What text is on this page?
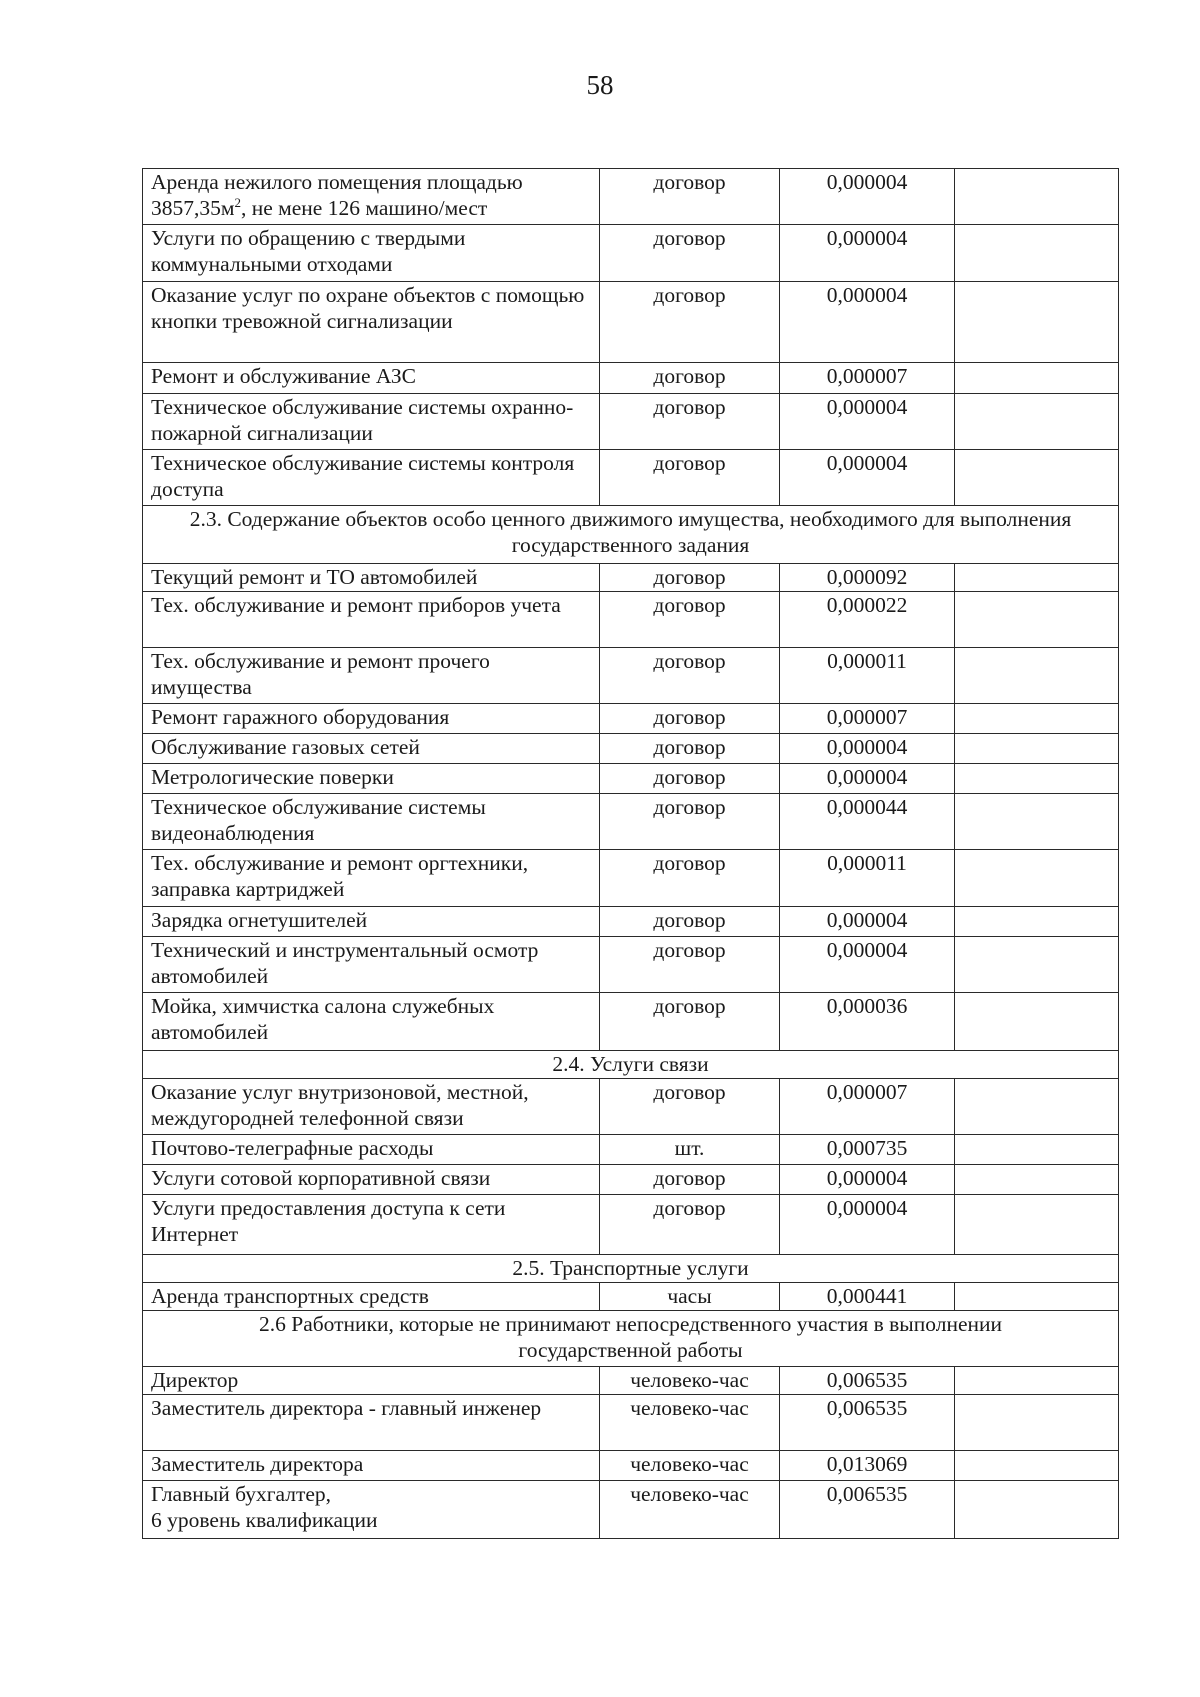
58
Аренда нежилого помещения площадью $3857,35м^2$, не мене 126 машино/мест	договор	0,000004	
Услуги по обращению с твердыми коммунальными отходами	договор	0,000004	
Оказание услуг по охране объектов с помощью кнопки тревожной сигнализации	договор	0,000004	
Ремонт и обслуживание АЗС	договор	0,000007	
Техническое обслуживание системы охранно-пожарной сигнализации	договор	0,000004	
Техническое обслуживание системы контроля доступа	договор	0,000004	
2.3. Содержание объектов особо ценного движимого имущества, необходимого для выполнения государственного задания			
Текущий ремонт и ТО автомобилей	договор	0,000092	
Тех. обслуживание и ремонт приборов учета	договор	0,000022	
Тех. обслуживание и ремонт прочего имущества	договор	0,000011	
Ремонт гаражного оборудования	договор	0,000007	
Обслуживание газовых сетей	договор	0,000004	
Метрологические поверки	договор	0,000004	
Техническое обслуживание системы видеонаблюдения	договор	0,000044	
Тех. обслуживание и ремонт оргтехники, заправка картриджей	договор	0,000011	
Зарядка огнетушителей	договор	0,000004	
Технический и инструментальный осмотр автомобилей	договор	0,000004	
Мойка, химчистка салона служебных автомобилей	договор	0,000036	
2.4. Услуги связи			
Оказание услуг внутризоновой, местной, междугородней телефонной связи	договор	0,000007	
Почтово-телеграфные расходы	шт.	0,000735	
Услуги сотовой корпоративной связи	договор	0,000004	
Услуги предоставления доступа к сети Интернет	договор	0,000004	
2.5. Транспортные услуги			
Аренда транспортных средств	часы	0,000441	
2.6 Работники, которые не принимают непосредственного участия в выполнении государственной работы			
Директор	человеко-час	0,006535	
Заместитель директора - главный инженер	человеко-час	0,006535	
Заместитель директора	человеко-час	0,013069	
Главный бухгалтер,
6 уровень квалификации	человеко-час	0,006535	
